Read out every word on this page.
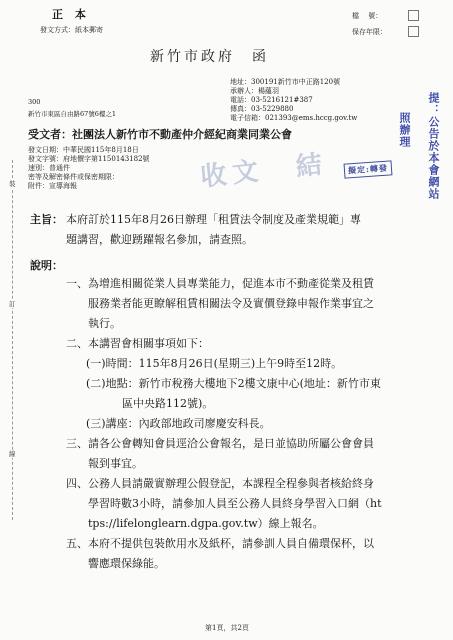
正 本
發文方式：紙本郵寄
檔 　號：
保存年限：
新竹市政府　函
地址：300191新竹市中正路120號
承辦人：楊蘊羽
電話：03-5216121#387
傳真：03-5229880
電子信箱：021393@ems.hccg.gov.tw
300
新竹市東區自由路67號6樓之1
受文者：社團法人新竹市不動產仲介經紀商業同業公會
發文日期：中華民國115年8月18日
發文字號：府地價字第1150143182號
速別：普通件
密等及解密條件或保密期限：
附件：宣導海報	收文　結	擬定:轉發	提：公告於本會網站
照辦理
主旨： 本府訂於115年8月26日辦理「租賃法令制度及產業規範」專
題講習，歡迎踴躍報名參加，請查照。
說明：
一、為增進相關從業人員專業能力，促進本市不動產從業及租賃
服務業者能更瞭解租賃相關法令及實價登錄申報作業事宜之
執行。
二、本講習會相關事項如下：
(一)時間：115年8月26日(星期三)上午9時至12時。
(二)地點：新竹市稅務大樓地下2樓文康中心(地址：新竹市東
區中央路112號)。
(三)講座：內政部地政司廖慶安科長。
三、請各公會轉知會員逕洽公會報名，是日並協助所屬公會會員
報到事宜。
四、公務人員請嚴實辦理公假登記，本課程全程參與者核給終身
學習時數3小時，請參加人員至公務人員終身學習入口網（ht
tps://lifelonglearn.dgpa.gov.tw）線上報名。
五、本府不提供包裝飲用水及紙杯，請參訓人員自備環保杯，以
響應環保綠能。
裝
訂
線
第1頁，共2頁
